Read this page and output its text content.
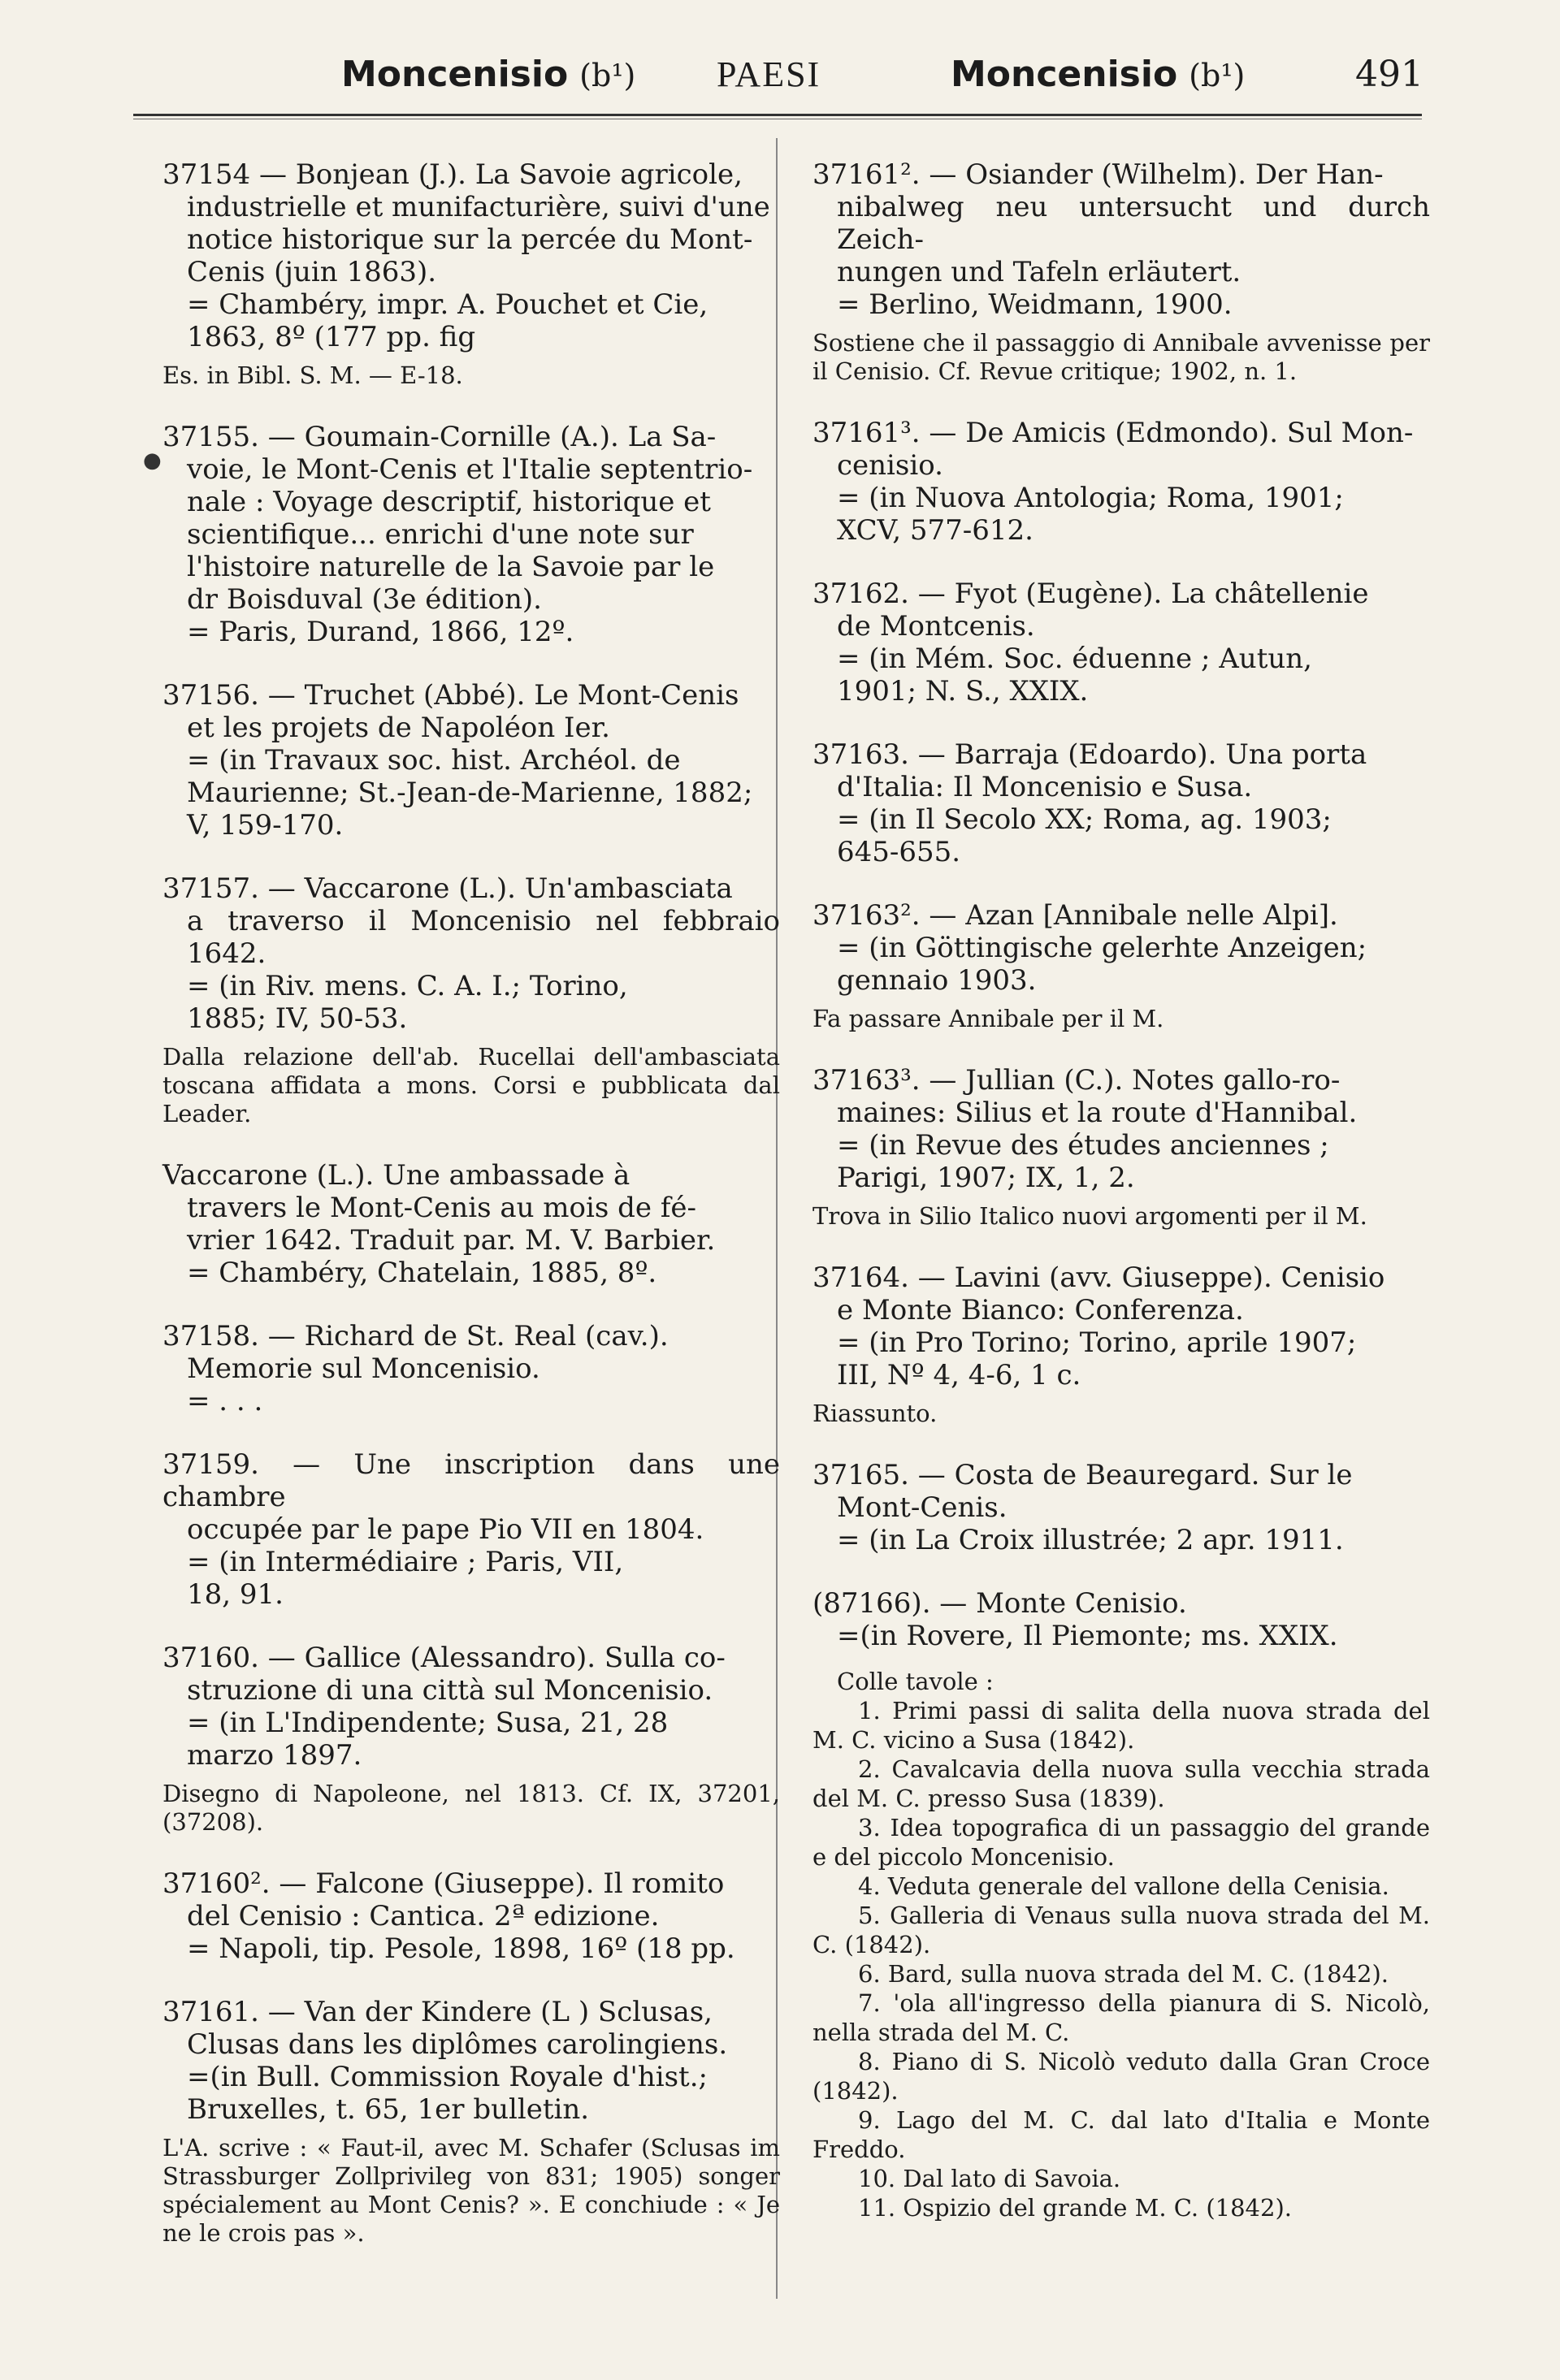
Moncenisio (b¹) PAESI	Moncenisio (b¹)	491
●
37154 — Bonjean (J.). La Savoie agricole,
industrielle et munifacturière, suivi d'une
notice historique sur la percée du Mont-
Cenis (juin 1863).
= Chambéry, impr. A. Pouchet et Cie,
1863, 8º (177 pp. fig
Es. in Bibl. S. M. — E-18.
37155. — Goumain-Cornille (A.). La Sa-
voie, le Mont-Cenis et l'Italie septentrio-
nale : Voyage descriptif, historique et
scientifique... enrichi d'une note sur
l'histoire naturelle de la Savoie par le
dr Boisduval (3e édition).
= Paris, Durand, 1866, 12º.
37156. — Truchet (Abbé). Le Mont-Cenis
et les projets de Napoléon Ier.
= (in Travaux soc. hist. Archéol. de
Maurienne; St.-Jean-de-Marienne, 1882;
V, 159-170.
37157. — Vaccarone (L.). Un'ambasciata
a traverso il Moncenisio nel febbraio 1642.
= (in Riv. mens. C. A. I.; Torino,
1885; IV, 50-53.
Dalla relazione dell'ab. Rucellai dell'ambasciata toscana affidata a mons. Corsi e pubblicata dal Leader.
Vaccarone (L.). Une ambassade à
travers le Mont-Cenis au mois de fé-
vrier 1642. Traduit par. M. V. Barbier.
= Chambéry, Chatelain, 1885, 8º.
37158. — Richard de St. Real (cav.).
Memorie sul Moncenisio.
= . . .
37159. — Une inscription dans une chambre
occupée par le pape Pio VII en 1804.
= (in Intermédiaire ; Paris, VII,
18, 91.
37160. — Gallice (Alessandro). Sulla co-
struzione di una città sul Moncenisio.
= (in L'Indipendente; Susa, 21, 28
marzo 1897.
Disegno di Napoleone, nel 1813. Cf. IX, 37201, (37208).
37160². — Falcone (Giuseppe). Il romito
del Cenisio : Cantica. 2ª edizione.
= Napoli, tip. Pesole, 1898, 16º (18 pp.
37161. — Van der Kinderе (L ) Sclusas,
Clusas dans les diplômes carolingiens.
=(in Bull. Commission Royale d'hist.;
Bruxelles, t. 65, 1er bulletin.
L'A. scrive : « Faut-il, avec M. Schafer (Sclusas im Strassburger Zollprivileg von 831; 1905) songer spécialement au Mont Cenis? ». E conchiude : « Je ne le crois pas ».
37161². — Osiander (Wilhelm). Der Han-
nibalweg neu untersucht und durch Zeich-
nungen und Tafeln erläutert.
= Berlino, Weidmann, 1900.
Sostiene che il passaggio di Annibale avvenisse per il Cenisio. Cf. Revue critique; 1902, n. 1.
37161³. — De Amicis (Edmondo). Sul Mon-
cenisio.
= (in Nuova Antologia; Roma, 1901;
XCV, 577-612.
37162. — Fyot (Eugène). La châtellenie
de Montcenis.
= (in Mém. Soc. éduenne ; Autun,
1901; N. S., XXIX.
37163. — Barraja (Edoardo). Una porta
d'Italia: Il Moncenisio e Susa.
= (in Il Secolo XX; Roma, ag. 1903;
645-655.
37163². — Azan [Annibale nelle Alpi].
= (in Göttingische gelerhte Anzeigen;
gennaio 1903.
Fa passare Annibale per il M.
37163³. — Jullian (C.). Notes gallo-ro-
maines: Silius et la route d'Hannibal.
= (in Revue des études anciennes ;
Parigi, 1907; IX, 1, 2.
Trova in Silio Italico nuovi argomenti per il M.
37164. — Lavini (avv. Giuseppe). Cenisio
e Monte Bianco: Conferenza.
= (in Pro Torino; Torino, aprile 1907;
III, Nº 4, 4-6, 1 c.
Riassunto.
37165. — Costa de Beauregard. Sur le
Mont-Cenis.
= (in La Croix illustrée; 2 apr. 1911.
(87166). — Monte Cenisio.
=(in Rovere, Il Piemonte; ms. XXIX.
Colle tavole :
1. Primi passi di salita della nuova strada del M. C. vicino a Susa (1842).
2. Cavalcavia della nuova sulla vecchia strada del M. C. presso Susa (1839).
3. Idea topografica di un passaggio del grande e del piccolo Moncenisio.
4. Veduta generale del vallone della Cenisia.
5. Galleria di Venaus sulla nuova strada del M. C. (1842).
6. Bard, sulla nuova strada del M. C. (1842).
7. 'ola all'ingresso della pianura di S. Nicolò, nella strada del M. C.
8. Piano di S. Nicolò veduto dalla Gran Croce (1842).
9. Lago del M. C. dal lato d'Italia e Monte Freddo.
10. Dal lato di Savoia.
11. Ospizio del grande M. C. (1842).
